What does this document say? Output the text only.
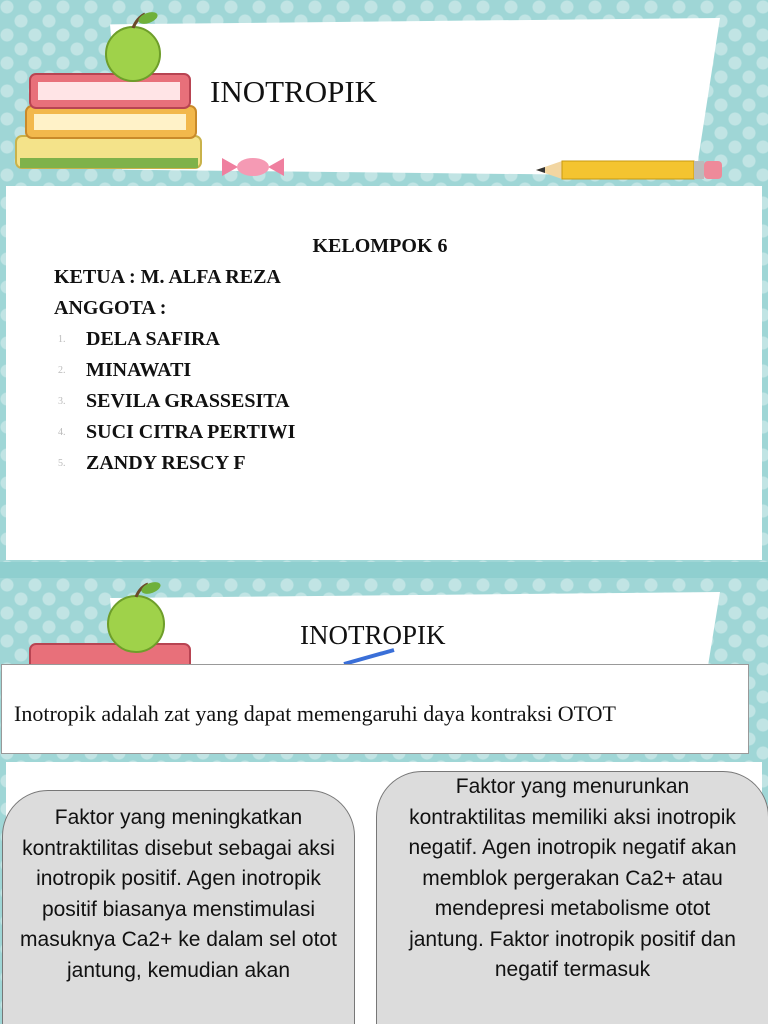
INOTROPIK
KELOMPOK 6
KETUA : M. ALFA REZA
ANGGOTA :
1. DELA SAFIRA
2. MINAWATI
3. SEVILA GRASSESITA
4. SUCI CITRA PERTIWI
5. ZANDY RESCY F
INOTROPIK
Inotropik adalah zat yang dapat memengaruhi daya kontraksi OTOT
Faktor yang meningkatkan kontraktilitas disebut sebagai aksi inotropik positif. Agen inotropik positif biasanya menstimulasi masuknya Ca2+ ke dalam sel otot jantung, kemudian akan
Faktor yang menurunkan kontraktilitas memiliki aksi inotropik negatif. Agen inotropik negatif akan memblok pergerakan Ca2+ atau mendepresi metabolisme otot jantung. Faktor inotropik positif dan negatif termasuk
